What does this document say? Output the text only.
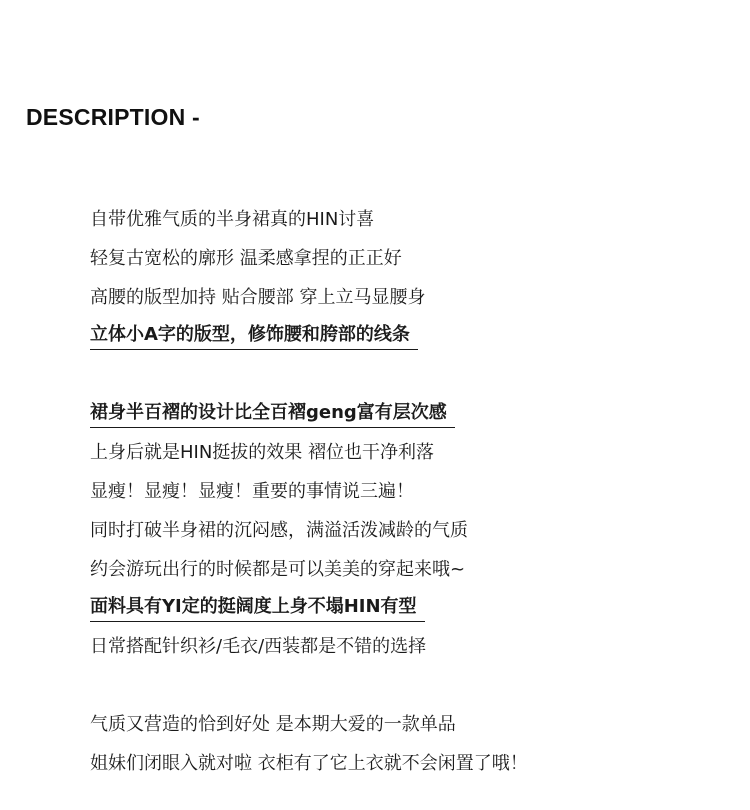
DESCRIPTION -
自带优雅气质的半身裙真的HIN讨喜
轻复古宽松的廓形 温柔感拿捏的正正好
高腰的版型加持 贴合腰部 穿上立马显腰身
立体小A字的版型，修饰腰和胯部的线条
裙身半百褶的设计比全百褶geng富有层次感
上身后就是HIN挺拔的效果 褶位也干净利落
显瘦！显瘦！显瘦！重要的事情说三遍！
同时打破半身裙的沉闷感，满溢活泼减龄的气质
约会游玩出行的时候都是可以美美的穿起来哦~
面料具有YI定的挺阔度上身不塌HIN有型
日常搭配针织衫/毛衣/西装都是不错的选择
气质又营造的恰到好处 是本期大爱的一款单品
姐妹们闭眼入就对啦 衣柜有了它上衣就不会闲置了哦！
